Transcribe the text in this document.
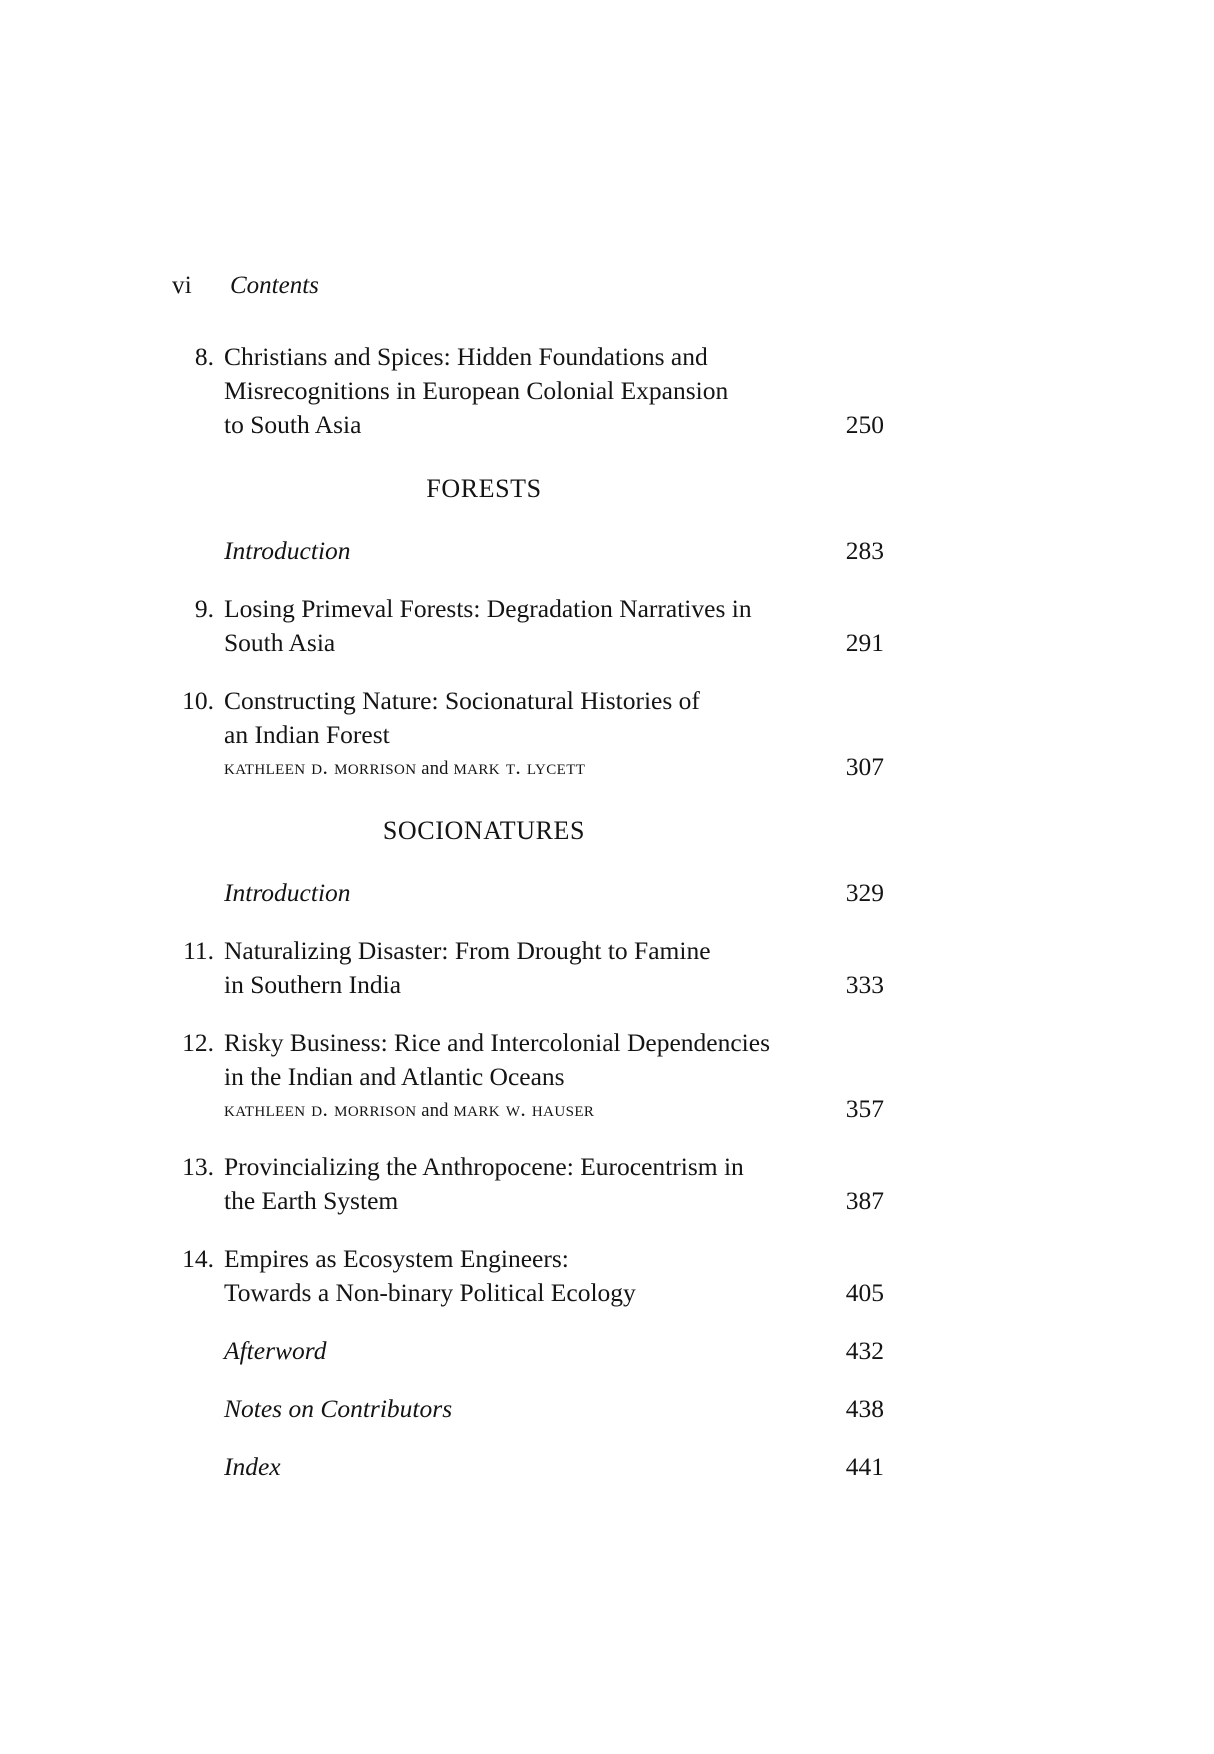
vi	Contents
8. Christians and Spices: Hidden Foundations and
Misrecognitions in European Colonial Expansion
to South Asia	250
FORESTS
Introduction	283
9. Losing Primeval Forests: Degradation Narratives in
South Asia	291
10. Constructing Nature: Socionatural Histories of
an Indian Forest
kathleen d. morrison and mark t. lycett	307
SOCIONATURES
Introduction	329
11. Naturalizing Disaster: From Drought to Famine
in Southern India	333
12. Risky Business: Rice and Intercolonial Dependencies
in the Indian and Atlantic Oceans
kathleen d. morrison and mark w. hauser	357
13. Provincializing the Anthropocene: Eurocentrism in
the Earth System	387
14. Empires as Ecosystem Engineers:
Towards a Non-binary Political Ecology	405
Afterword	432
Notes on Contributors	438
Index	441
